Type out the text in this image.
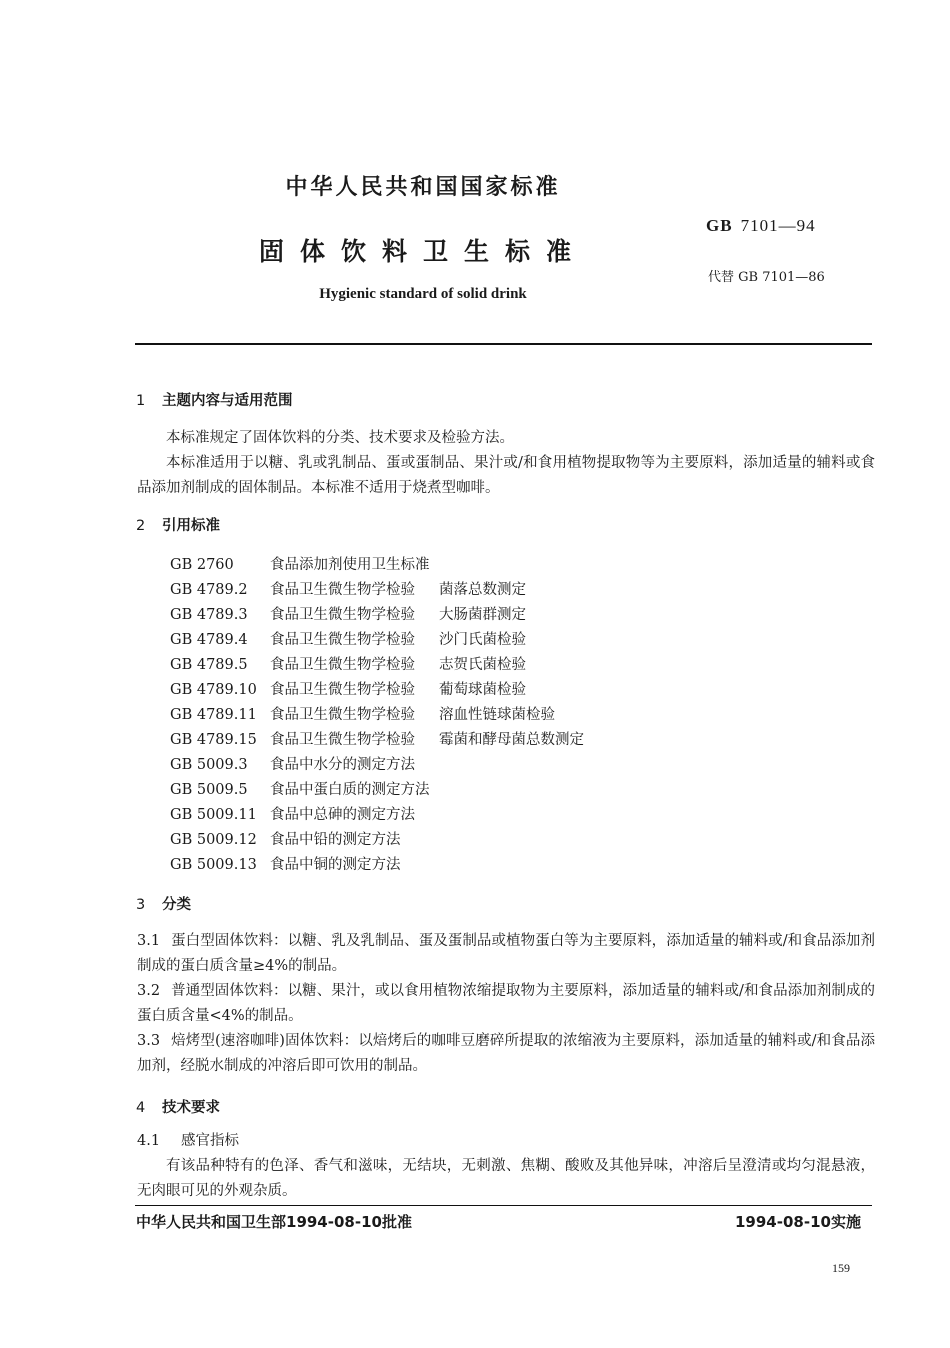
中华人民共和国国家标准
固体饮料卫生标准
Hygienic standard of solid drink
GB 7101—94
代替 GB 7101—86
1 主题内容与适用范围
本标准规定了固体饮料的分类、技术要求及检验方法。
本标准适用于以糖、乳或乳制品、蛋或蛋制品、果汁或/和食用植物提取物等为主要原料，添加适量的辅料或食品添加剂制成的固体制品。本标准不适用于烧煮型咖啡。
2 引用标准
GB 2760	食品添加剂使用卫生标准
GB 4789.2 食品卫生微生物学检验 菌落总数测定
GB 4789.3 食品卫生微生物学检验 大肠菌群测定
GB 4789.4 食品卫生微生物学检验 沙门氏菌检验
GB 4789.5 食品卫生微生物学检验 志贺氏菌检验
GB 4789.10 食品卫生微生物学检验 葡萄球菌检验
GB 4789.11 食品卫生微生物学检验 溶血性链球菌检验
GB 4789.15 食品卫生微生物学检验 霉菌和酵母菌总数测定
GB 5009.3 食品中水分的测定方法
GB 5009.5 食品中蛋白质的测定方法
GB 5009.11 食品中总砷的测定方法
GB 5009.12 食品中铅的测定方法
GB 5009.13 食品中铜的测定方法
3 分类
3.1 蛋白型固体饮料：以糖、乳及乳制品、蛋及蛋制品或植物蛋白等为主要原料，添加适量的辅料或/和食品添加剂制成的蛋白质含量≥4%的制品。
3.2 普通型固体饮料：以糖、果汁，或以食用植物浓缩提取物为主要原料，添加适量的辅料或/和食品添加剂制成的蛋白质含量<4%的制品。
3.3 焙烤型(速溶咖啡)固体饮料：以焙烤后的咖啡豆磨碎所提取的浓缩液为主要原料，添加适量的辅料或/和食品添加剂，经脱水制成的冲溶后即可饮用的制品。
4 技术要求
4.1 感官指标
有该品种特有的色泽、香气和滋味，无结块，无刺激、焦糊、酸败及其他异味，冲溶后呈澄清或均匀混悬液，无肉眼可见的外观杂质。
中华人民共和国卫生部1994-08-10批准	1994-08-10实施
159
